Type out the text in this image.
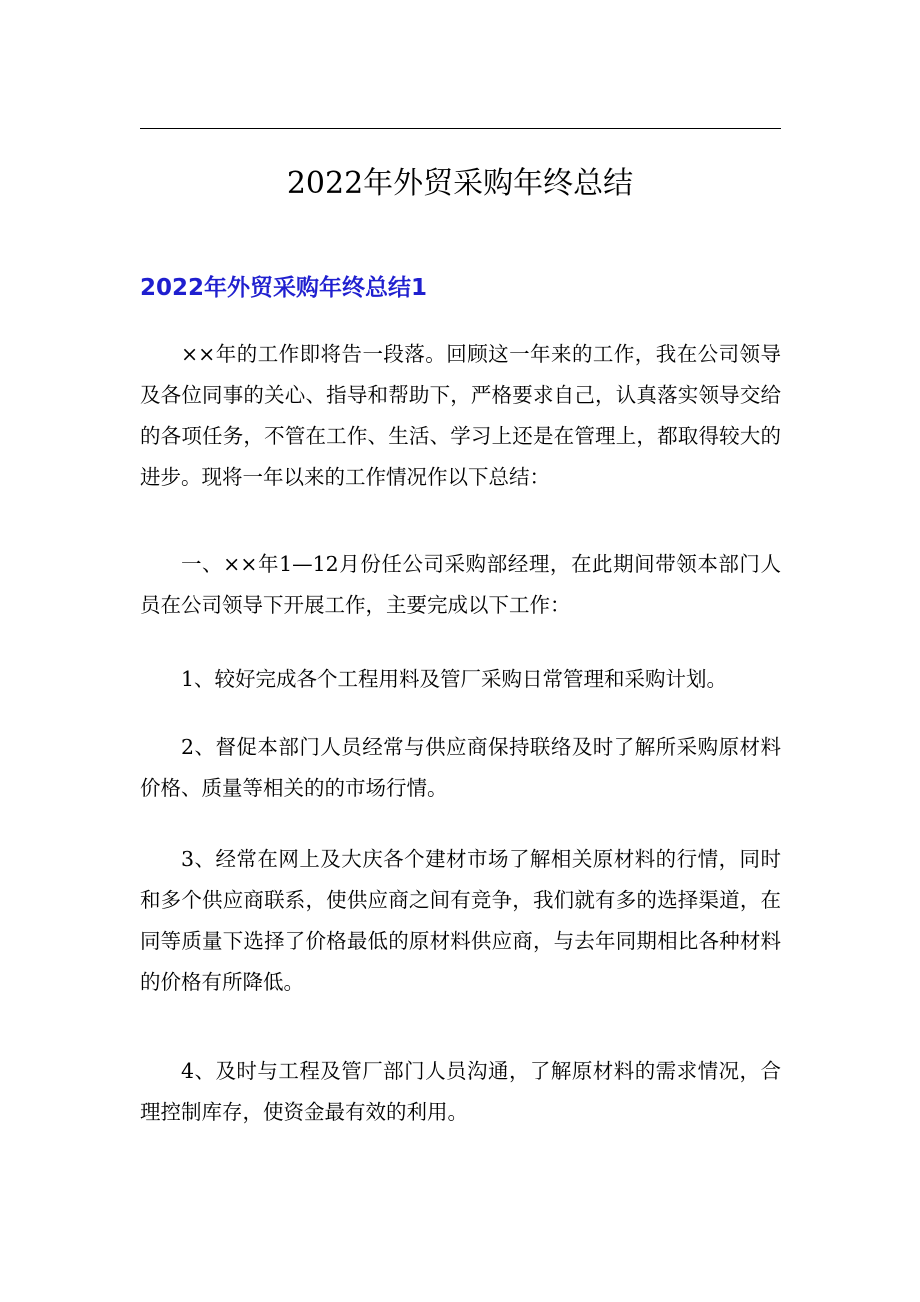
2022年外贸采购年终总结
2022年外贸采购年终总结1

××年的工作即将告一段落。回顾这一年来的工作，我在公司领导及各位同事的关心、指导和帮助下，严格要求自己，认真落实领导交给的各项任务，不管在工作、生活、学习上还是在管理上，都取得较大的进步。现将一年以来的工作情况作以下总结：

一、××年1—12月份任公司采购部经理，在此期间带领本部门人员在公司领导下开展工作，主要完成以下工作：

1、较好完成各个工程用料及管厂采购日常管理和采购计划。

2、督促本部门人员经常与供应商保持联络及时了解所采购原材料价格、质量等相关的的市场行情。

3、经常在网上及大庆各个建材市场了解相关原材料的行情，同时和多个供应商联系，使供应商之间有竞争，我们就有多的选择渠道，在同等质量下选择了价格最低的原材料供应商，与去年同期相比各种材料的价格有所降低。

4、及时与工程及管厂部门人员沟通，了解原材料的需求情况，合理控制库存，使资金最有效的利用。
